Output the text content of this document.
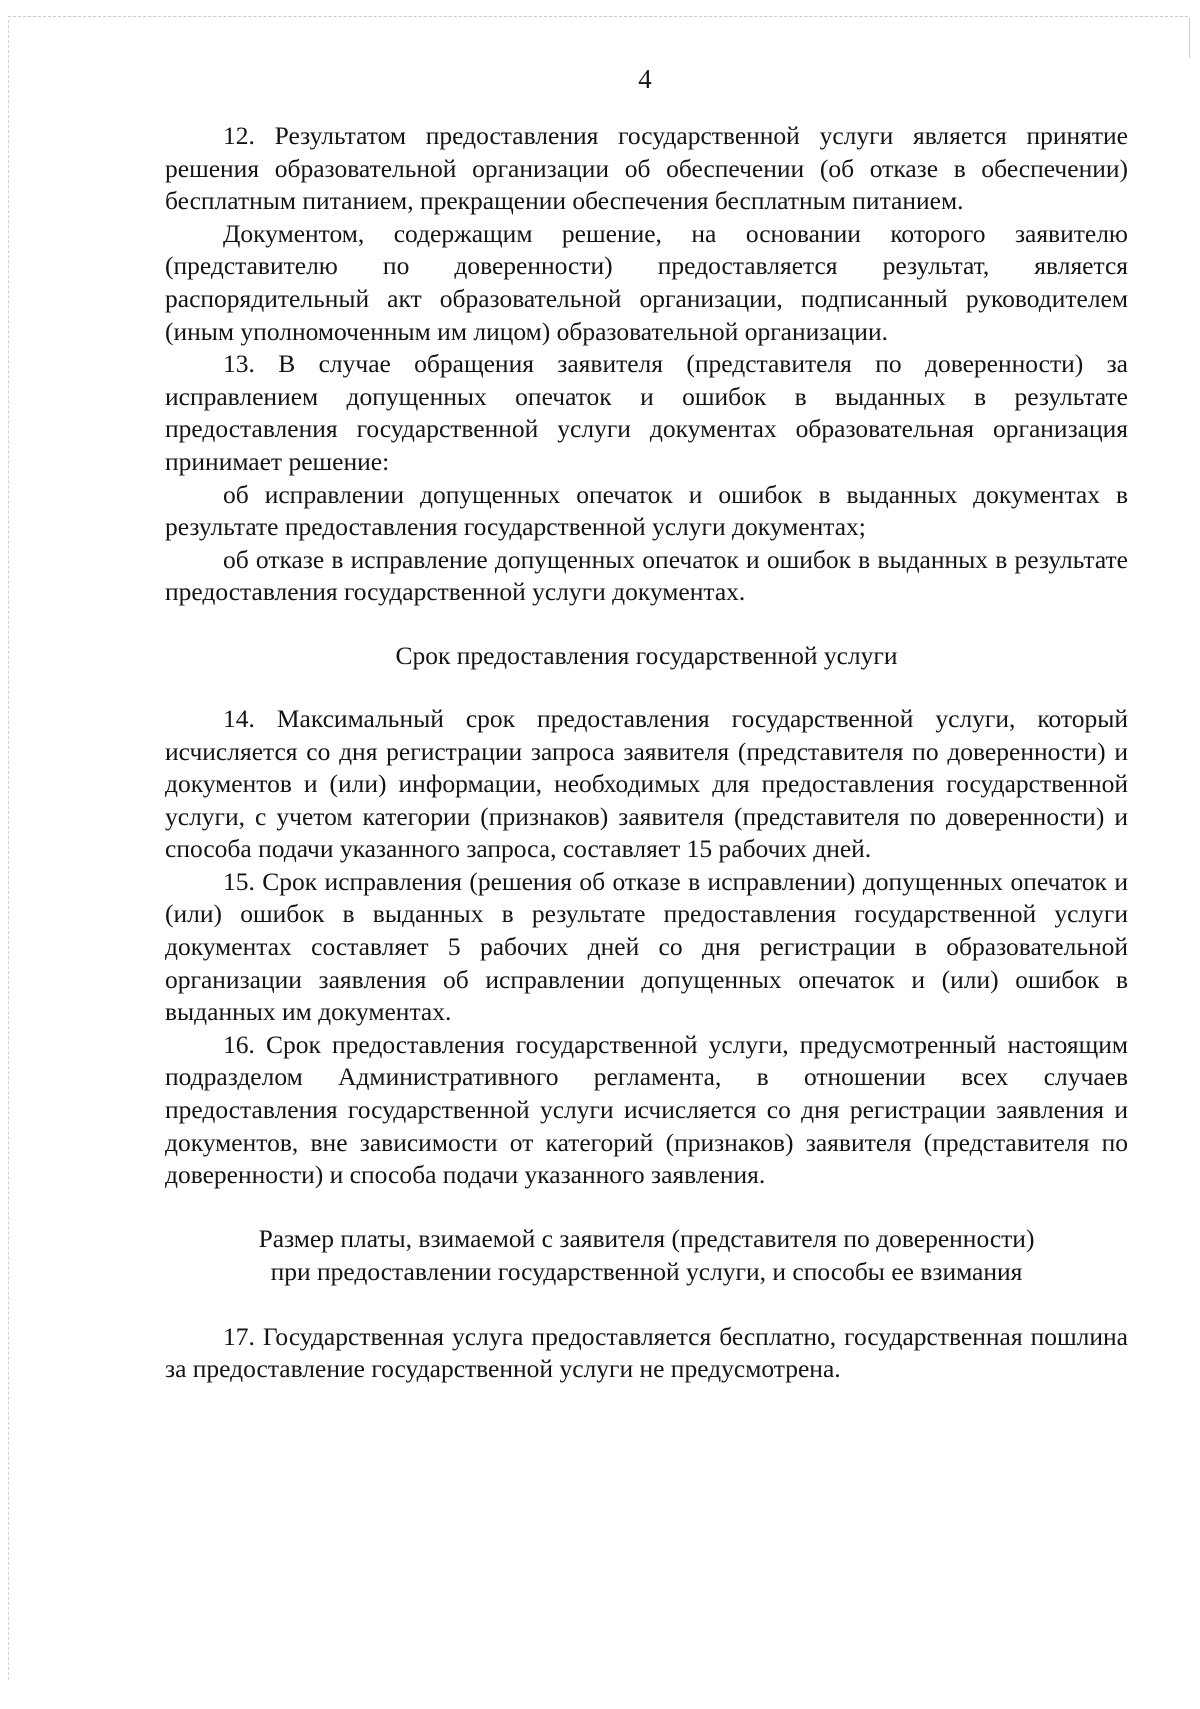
4

12. Результатом предоставления государственной услуги является принятие решения образовательной организации об обеспечении (об отказе в обеспечении) бесплатным питанием, прекращении обеспечения бесплатным питанием.

Документом, содержащим решение, на основании которого заявителю (представителю по доверенности) предоставляется результат, является распорядительный акт образовательной организации, подписанный руководителем (иным уполномоченным им лицом) образовательной организации.

13. В случае обращения заявителя (представителя по доверенности) за исправлением допущенных опечаток и ошибок в выданных в результате предоставления государственной услуги документах образовательная организация принимает решение:

об исправлении допущенных опечаток и ошибок в выданных документах в результате предоставления государственной услуги документах;

об отказе в исправление допущенных опечаток и ошибок в выданных в результате предоставления государственной услуги документах.

Срок предоставления государственной услуги

14. Максимальный срок предоставления государственной услуги, который исчисляется со дня регистрации запроса заявителя (представителя по доверенности) и документов и (или) информации, необходимых для предоставления государственной услуги, с учетом категории (признаков) заявителя (представителя по доверенности) и способа подачи указанного запроса, составляет 15 рабочих дней.

15. Срок исправления (решения об отказе в исправлении) допущенных опечаток и (или) ошибок в выданных в результате предоставления государственной услуги документах составляет 5 рабочих дней со дня регистрации в образовательной организации заявления об исправлении допущенных опечаток и (или) ошибок в выданных им документах.

16. Срок предоставления государственной услуги, предусмотренный настоящим подразделом Административного регламента, в отношении всех случаев предоставления государственной услуги исчисляется со дня регистрации заявления и документов, вне зависимости от категорий (признаков) заявителя (представителя по доверенности) и способа подачи указанного заявления.

Размер платы, взимаемой с заявителя (представителя по доверенности)
при предоставлении государственной услуги, и способы ее взимания

17. Государственная услуга предоставляется бесплатно, государственная пошлина за предоставление государственной услуги не предусмотрена.
